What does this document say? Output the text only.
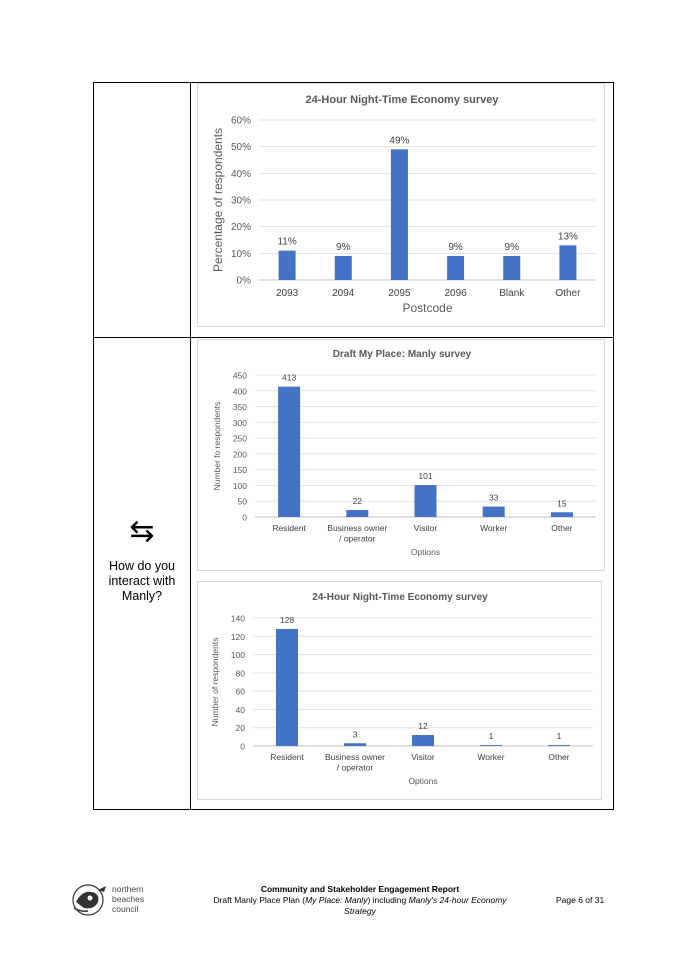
⇆
How do you interact with Manly?
24-Hour Night-Time Economy survey
0%
10%
20%
30%
40%
50%
60%
11%
2093
9%
2094
49%
2095
9%
2096
9%
Blank
13%
Other
Postcode
Percentage of respondents
Draft My Place: Manly survey
0
50
100
150
200
250
300
350
400
450	413
Resident
22
Business owner / operator
101
Visitor
33
Worker
15
Other
Options
Number fo respondents
24-Hour Night-Time Economy survey
0
20
40
60
80
100
120
140	128
Resident
3
Business owner / operator
12
Visitor
1
Worker
1
Other
Options
Number of respondents
northern
beaches
council
Community and Stakeholder Engagement Report
Draft Manly Place Plan (My Place: Manly) including Manly's 24-hour Economy
Strategy
Page 6 of 31
